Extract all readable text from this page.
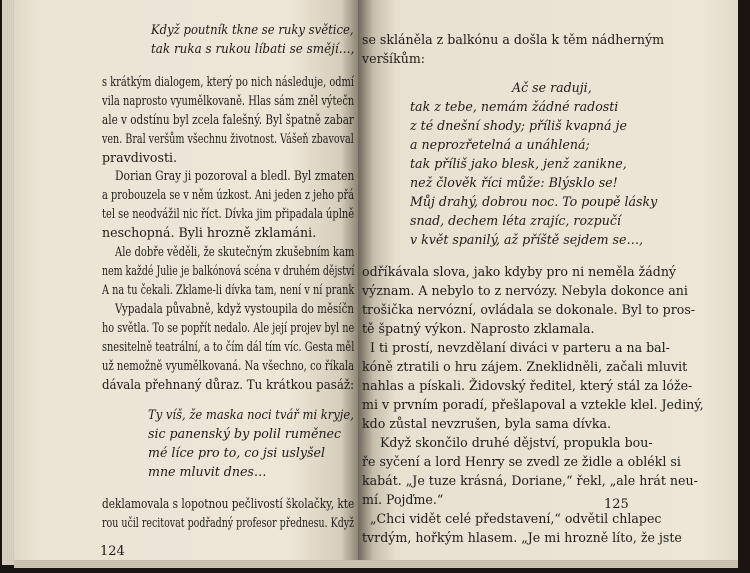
Když poutník tkne se ruky světice,
tak ruka s rukou líbati se smějí…,
s krátkým dialogem, který po nich následuje, odmí
vila naprosto vyumělkovaně. Hlas sám zněl výtečn
ale v odstínu byl zcela falešný. Byl špatně zabar
ven. Bral veršům všechnu životnost. Vášeň zbavoval
pravdivosti.
Dorian Gray ji pozoroval a bledl. Byl zmaten
a probouzela se v něm úzkost. Ani jeden z jeho přá
tel se neodvážil nic říct. Dívka jim připadala úplně
neschopná. Byli hrozně zklamáni.
Ale dobře věděli, že skutečným zkušebním kam
nem každé Julie je balkónová scéna v druhém dějství
A na tu čekali. Zklame-li dívka tam, není v ní prank
Vypadala půvabně, když vystoupila do měsíčn
ho světla. To se popřít nedalo. Ale její projev byl ne
snesitelně teatrální, a to čím dál tím víc. Gesta měl
už nemožně vyumělkovaná. Na všechno, co říkala
dávala přehnaný důraz. Tu krátkou pasáž:
Ty víš, že maska noci tvář mi kryje,
sic panenský by polil ruměnec
mé líce pro to, co jsi uslyšel
mne mluvit dnes…
deklamovala s lopotnou pečlivostí školačky, kte
rou učil recitovat podřadný profesor přednesu. Když
124
se skláněla z balkónu a došla k těm nádherným
veršíkům:
Ač se raduji,
tak z tebe, nemám žádné radosti
z té dnešní shody; příliš kvapná je
a neprozřetelná a unáhlená;
tak příliš jako blesk, jenž zanikne,
než člověk říci může: Blýsklo se!
Můj drahý, dobrou noc. To poupě lásky
snad, dechem léta zrajíc, rozpučí
v květ spanilý, až příště sejdem se…,
odříkávala slova, jako kdyby pro ni neměla žádný
význam. A nebylo to z nervózy. Nebyla dokonce ani
trošička nervózní, ovládala se dokonale. Byl to pros-
tě špatný výkon. Naprosto zklamala.
I ti prostí, nevzdělaní diváci v parteru a na bal-
kóně ztratili o hru zájem. Zneklidněli, začali mluvit
nahlas a pískali. Židovský ředitel, který stál za lóže-
mi v prvním poradí, přešlapoval a vztekle klel. Jediný,
kdo zůstal nevzrušen, byla sama dívka.
Když skončilo druhé dějství, propukla bou-
ře syčení a lord Henry se zvedl ze židle a oblékl si
kabát. „Je tuze krásná, Doriane,“ řekl, „ale hrát neu-
mí. Pojďme.“
„Chci vidět celé představení,“ odvětil chlapec
tvrdým, hořkým hlasem. „Je mi hrozně líto, že jste
125
